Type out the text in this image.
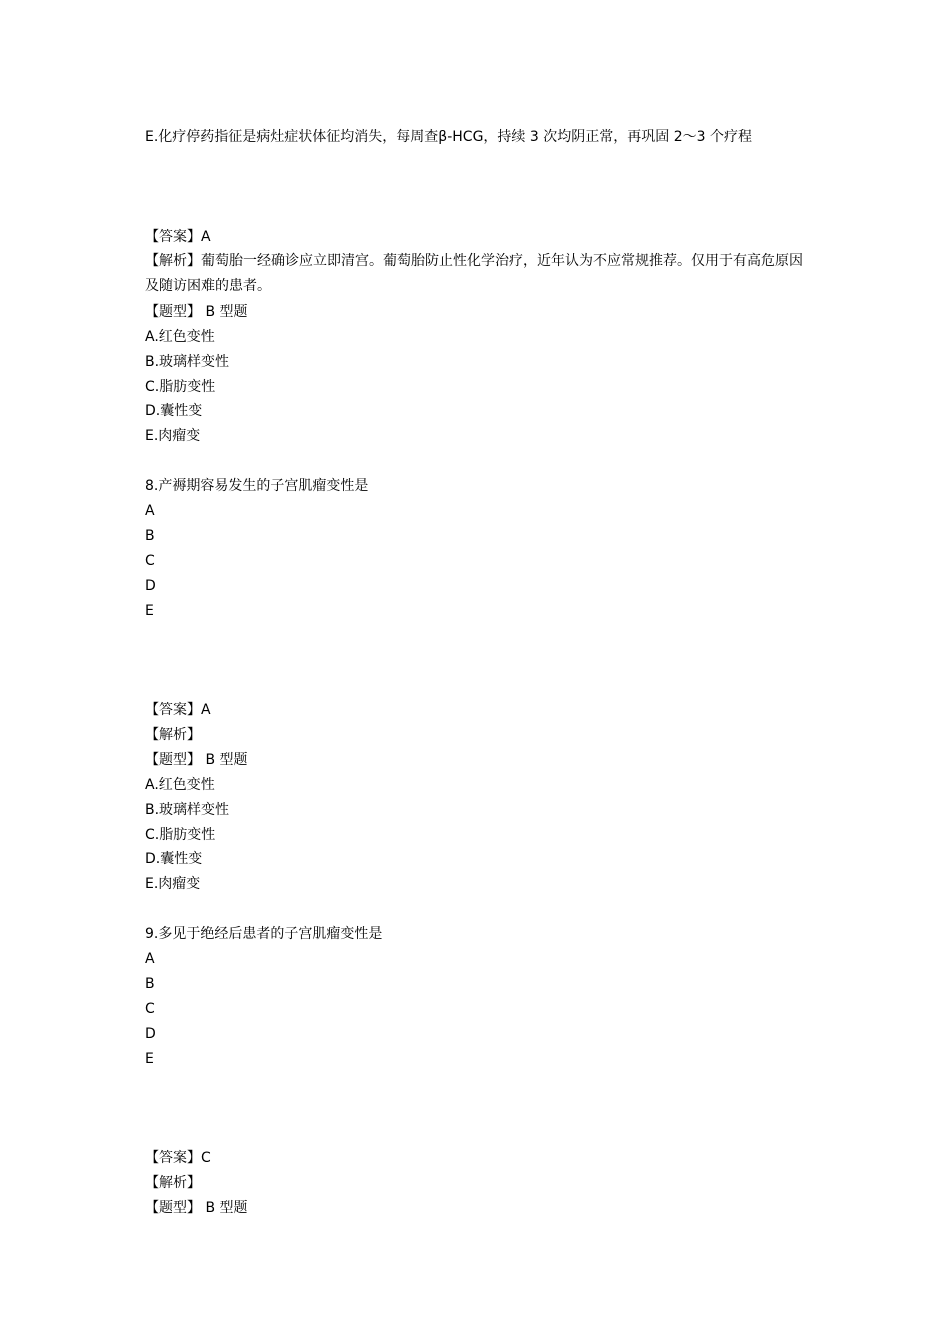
E.化疗停药指征是病灶症状体征均消失，每周查β-HCG，持续 3 次均阴正常，再巩固 2～3 个疗程
【答案】A
【解析】葡萄胎一经确诊应立即清宫。葡萄胎防止性化学治疗，近年认为不应常规推荐。仅用于有高危原因及随访困难的患者。
【题型】 B 型题
A.红色变性
B.玻璃样变性
C.脂肪变性
D.囊性变
E.肉瘤变
8.产褥期容易发生的子宫肌瘤变性是
A
B
C
D
E
【答案】A
【解析】
【题型】 B 型题
A.红色变性
B.玻璃样变性
C.脂肪变性
D.囊性变
E.肉瘤变
9.多见于绝经后患者的子宫肌瘤变性是
A
B
C
D
E
【答案】C
【解析】
【题型】 B 型题
